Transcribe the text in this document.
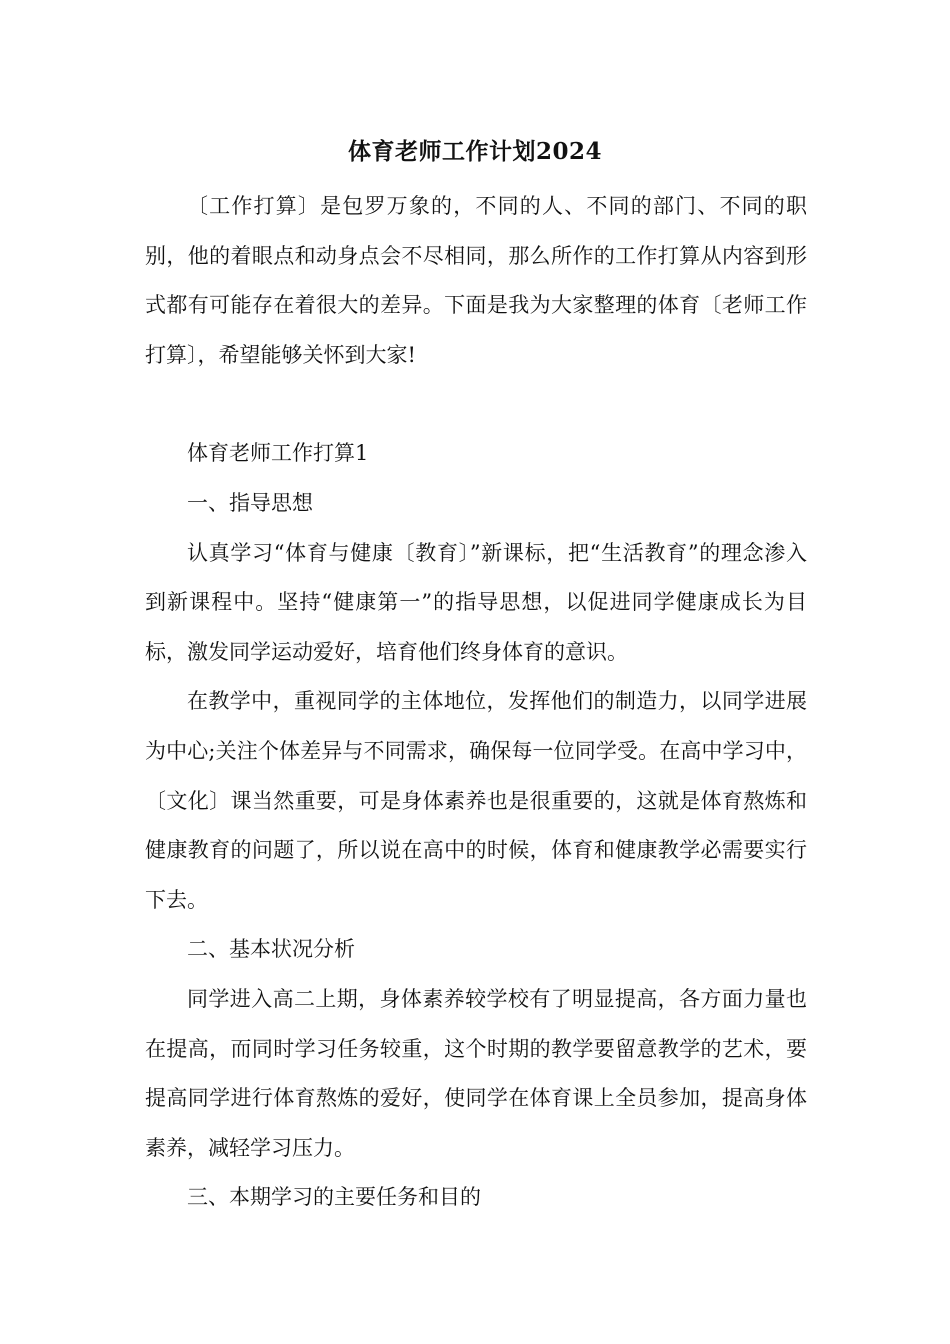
体育老师工作计划2024

〔工作打算〕是包罗万象的，不同的人、不同的部门、不同的职别，他的着眼点和动身点会不尽相同，那么所作的工作打算从内容到形式都有可能存在着很大的差异。下面是我为大家整理的体育〔老师工作打算〕，希望能够关怀到大家!

体育老师工作打算1

一、指导思想

认真学习“体育与健康〔教育〕”新课标，把“生活教育”的理念渗入到新课程中。坚持“健康第一”的指导思想，以促进同学健康成长为目标，激发同学运动爱好，培育他们终身体育的意识。

在教学中，重视同学的主体地位，发挥他们的制造力，以同学进展为中心;关注个体差异与不同需求，确保每一位同学受。在高中学习中，〔文化〕课当然重要，可是身体素养也是很重要的，这就是体育熬炼和健康教育的问题了，所以说在高中的时候，体育和健康教学必需要实行下去。

二、基本状况分析

同学进入高二上期，身体素养较学校有了明显提高，各方面力量也在提高，而同时学习任务较重，这个时期的教学要留意教学的艺术，要提高同学进行体育熬炼的爱好，使同学在体育课上全员参加，提高身体素养，减轻学习压力。

三、本期学习的主要任务和目的
